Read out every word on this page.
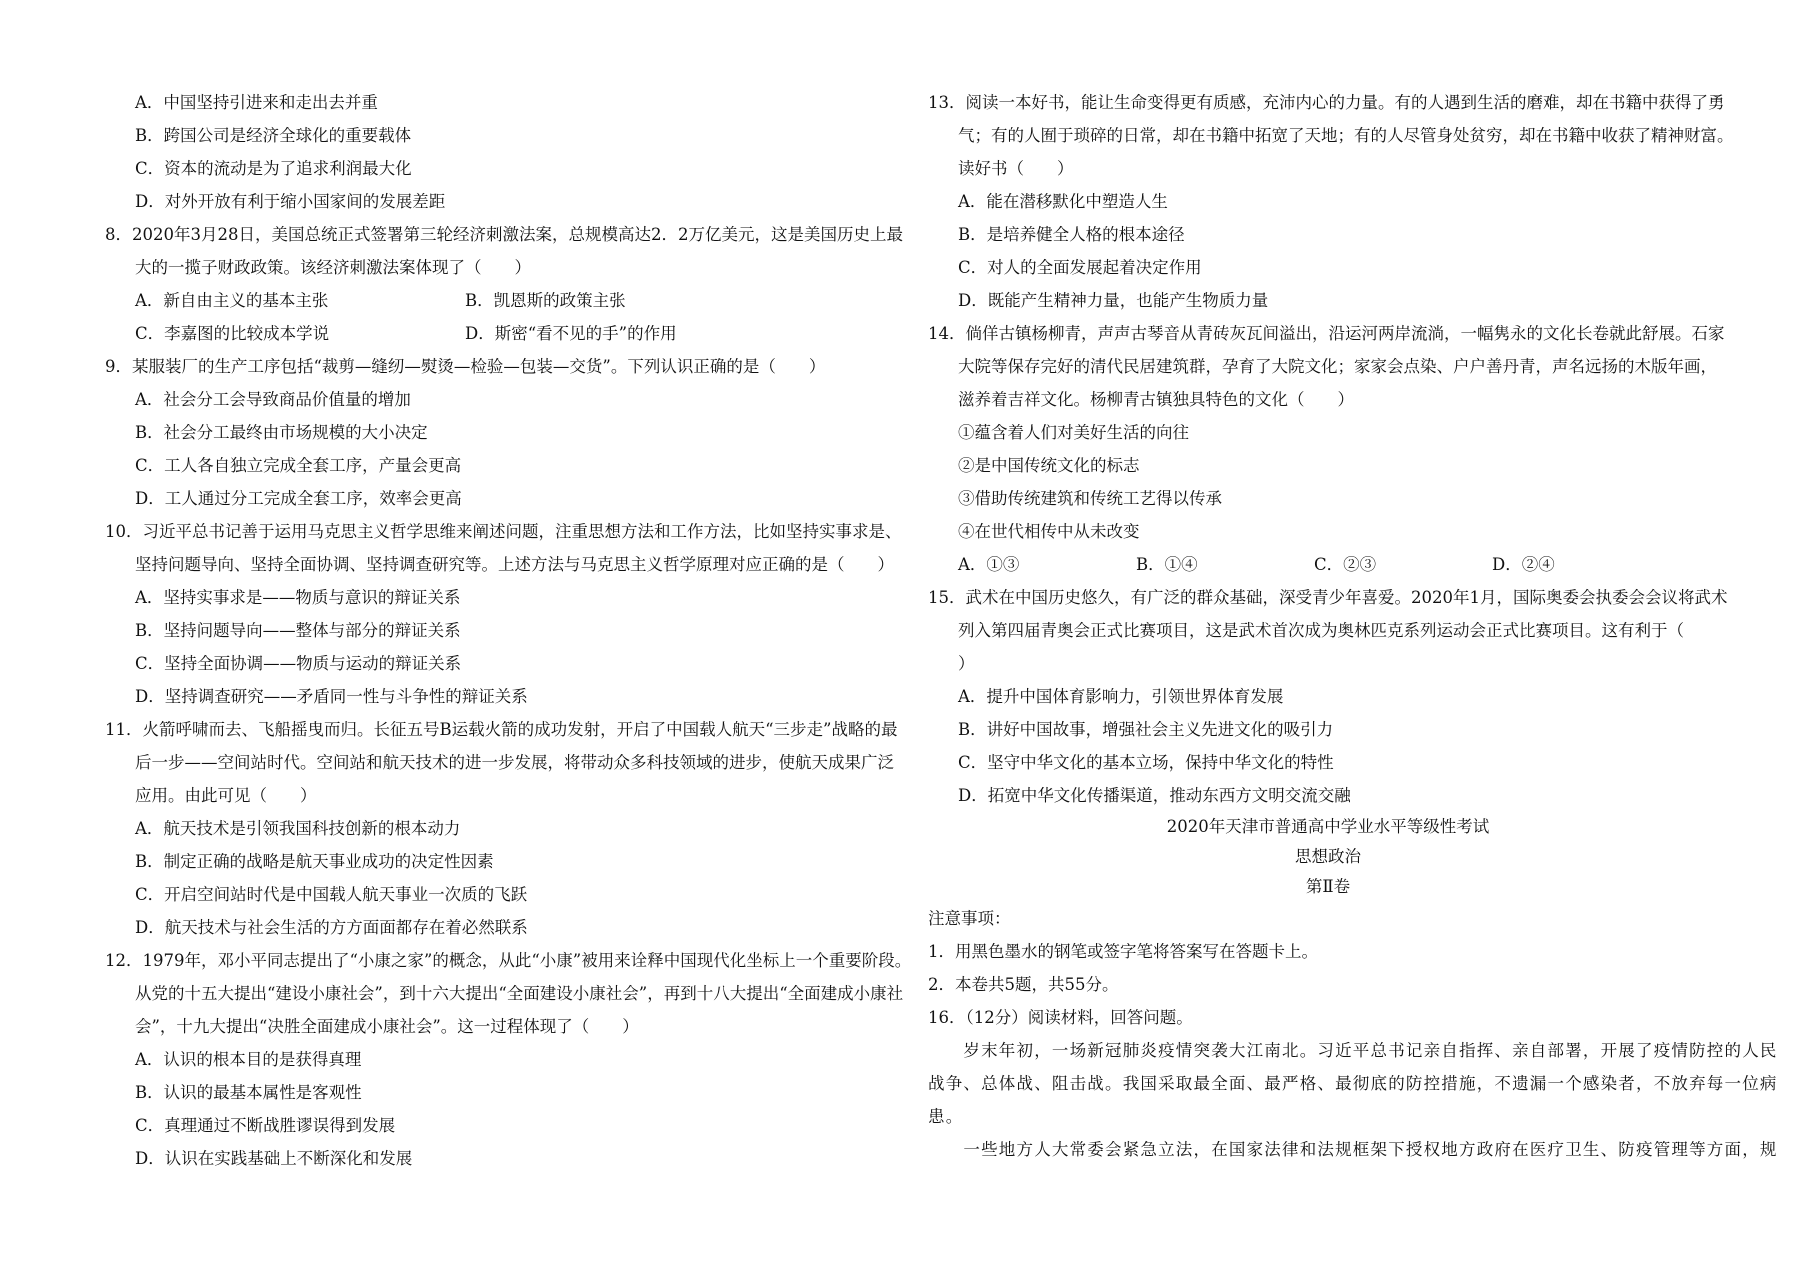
A．中国坚持引进来和走出去并重
B．跨国公司是经济全球化的重要载体
C．资本的流动是为了追求利润最大化
D．对外开放有利于缩小国家间的发展差距
8．2020年3月28日，美国总统正式签署第三轮经济刺激法案，总规模高达2．2万亿美元，这是美国历史上最
大的一揽子财政政策。该经济刺激法案体现了（　　）
A．新自由主义的基本主张	B．凯恩斯的政策主张
C．李嘉图的比较成本学说	D．斯密“看不见的手”的作用
9．某服装厂的生产工序包括“裁剪—缝纫—熨烫—检验—包装—交货”。下列认识正确的是（　　）
A．社会分工会导致商品价值量的增加
B．社会分工最终由市场规模的大小决定
C．工人各自独立完成全套工序，产量会更高
D．工人通过分工完成全套工序，效率会更高
10．习近平总书记善于运用马克思主义哲学思维来阐述问题，注重思想方法和工作方法，比如坚持实事求是、
坚持问题导向、坚持全面协调、坚持调查研究等。上述方法与马克思主义哲学原理对应正确的是（　　）
A．坚持实事求是——物质与意识的辩证关系
B．坚持问题导向——整体与部分的辩证关系
C．坚持全面协调——物质与运动的辩证关系
D．坚持调查研究——矛盾同一性与斗争性的辩证关系
11．火箭呼啸而去、飞船摇曳而归。长征五号B运载火箭的成功发射，开启了中国载人航天“三步走”战略的最
后一步——空间站时代。空间站和航天技术的进一步发展，将带动众多科技领域的进步，使航天成果广泛
应用。由此可见（　　）
A．航天技术是引领我国科技创新的根本动力
B．制定正确的战略是航天事业成功的决定性因素
C．开启空间站时代是中国载人航天事业一次质的飞跃
D．航天技术与社会生活的方方面面都存在着必然联系
12．1979年，邓小平同志提出了“小康之家”的概念，从此“小康”被用来诠释中国现代化坐标上一个重要阶段。
从党的十五大提出“建设小康社会”，到十六大提出“全面建设小康社会”，再到十八大提出“全面建成小康社
会”，十九大提出“决胜全面建成小康社会”。这一过程体现了（　　）
A．认识的根本目的是获得真理
B．认识的最基本属性是客观性
C．真理通过不断战胜谬误得到发展
D．认识在实践基础上不断深化和发展
13．阅读一本好书，能让生命变得更有质感，充沛内心的力量。有的人遇到生活的磨难，却在书籍中获得了勇
气；有的人囿于琐碎的日常，却在书籍中拓宽了天地；有的人尽管身处贫穷，却在书籍中收获了精神财富。
读好书（　　）
A．能在潜移默化中塑造人生
B．是培养健全人格的根本途径
C．对人的全面发展起着决定作用
D．既能产生精神力量，也能产生物质力量
14．倘佯古镇杨柳青，声声古琴音从青砖灰瓦间溢出，沿运河两岸流淌，一幅隽永的文化长卷就此舒展。石家
大院等保存完好的清代民居建筑群，孕育了大院文化；家家会点染、户户善丹青，声名远扬的木版年画，
滋养着吉祥文化。杨柳青古镇独具特色的文化（　　）
①蕴含着人们对美好生活的向往
②是中国传统文化的标志
③借助传统建筑和传统工艺得以传承
④在世代相传中从未改变
A．①③	B．①④	C．②③	D．②④
15．武术在中国历史悠久，有广泛的群众基础，深受青少年喜爱。2020年1月，国际奥委会执委会会议将武术
列入第四届青奥会正式比赛项目，这是武术首次成为奥林匹克系列运动会正式比赛项目。这有利于（
）
A．提升中国体育影响力，引领世界体育发展
B．讲好中国故事，增强社会主义先进文化的吸引力
C．坚守中华文化的基本立场，保持中华文化的特性
D．拓宽中华文化传播渠道，推动东西方文明交流交融
2020年天津市普通高中学业水平等级性考试
思想政治
第Ⅱ卷
注意事项：
1．用黑色墨水的钢笔或签字笔将答案写在答题卡上。
2．本卷共5题，共55分。
16．（12分）阅读材料，回答问题。
　　岁末年初，一场新冠肺炎疫情突袭大江南北。习近平总书记亲自指挥、亲自部署，开展了疫情防控的人民
战争、总体战、阻击战。我国采取最全面、最严格、最彻底的防控措施，不遗漏一个感染者，不放弃每一位病
患。
　　一些地方人大常委会紧急立法，在国家法律和法规框架下授权地方政府在医疗卫生、防疫管理等方面，规
